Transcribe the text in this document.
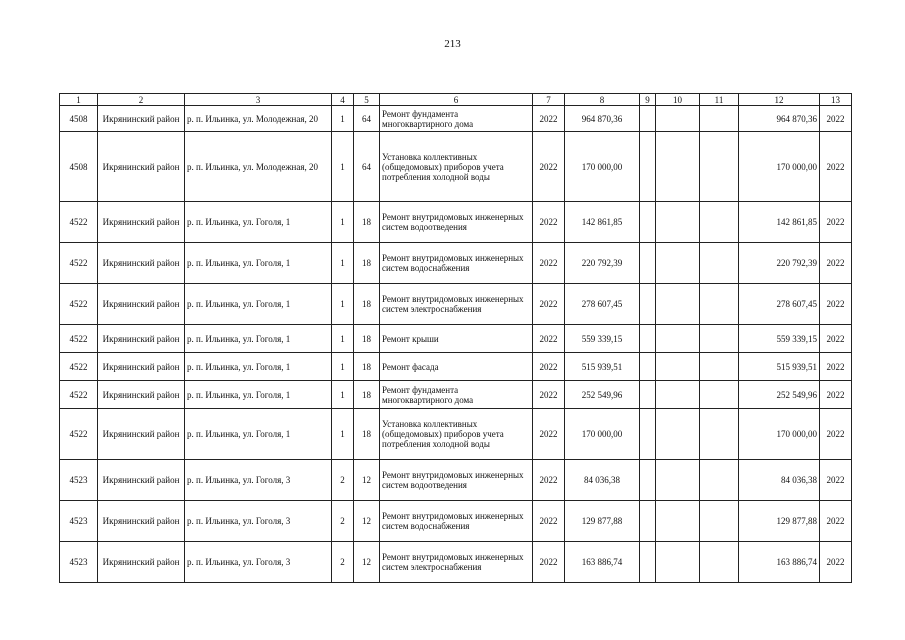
213
1	2	3	4	5	6	7	8	9	10	11	12	13
4508	Икрянинский район	р. п. Ильинка, ул. Молодежная, 20	1	64	Ремонт фундамента многоквартирного дома	2022	964 870,36				964 870,36	2022
4508	Икрянинский район	р. п. Ильинка, ул. Молодежная, 20	1	64	Установка коллективных (общедомовых) приборов учета потребления холодной воды	2022	170 000,00				170 000,00	2022
4522	Икрянинский район	р. п. Ильинка, ул. Гоголя, 1	1	18	Ремонт внутридомовых инженерных систем водоотведения	2022	142 861,85				142 861,85	2022
4522	Икрянинский район	р. п. Ильинка, ул. Гоголя, 1	1	18	Ремонт внутридомовых инженерных систем водоснабжения	2022	220 792,39				220 792,39	2022
4522	Икрянинский район	р. п. Ильинка, ул. Гоголя, 1	1	18	Ремонт внутридомовых инженерных систем электроснабжения	2022	278 607,45				278 607,45	2022
4522	Икрянинский район	р. п. Ильинка, ул. Гоголя, 1	1	18	Ремонт крыши	2022	559 339,15				559 339,15	2022
4522	Икрянинский район	р. п. Ильинка, ул. Гоголя, 1	1	18	Ремонт фасада	2022	515 939,51				515 939,51	2022
4522	Икрянинский район	р. п. Ильинка, ул. Гоголя, 1	1	18	Ремонт фундамента многоквартирного дома	2022	252 549,96				252 549,96	2022
4522	Икрянинский район	р. п. Ильинка, ул. Гоголя, 1	1	18	Установка коллективных (общедомовых) приборов учета потребления холодной воды	2022	170 000,00				170 000,00	2022
4523	Икрянинский район	р. п. Ильинка, ул. Гоголя, 3	2	12	Ремонт внутридомовых инженерных систем водоотведения	2022	84 036,38				84 036,38	2022
4523	Икрянинский район	р. п. Ильинка, ул. Гоголя, 3	2	12	Ремонт внутридомовых инженерных систем водоснабжения	2022	129 877,88				129 877,88	2022
4523	Икрянинский район	р. п. Ильинка, ул. Гоголя, 3	2	12	Ремонт внутридомовых инженерных систем электроснабжения	2022	163 886,74				163 886,74	2022
